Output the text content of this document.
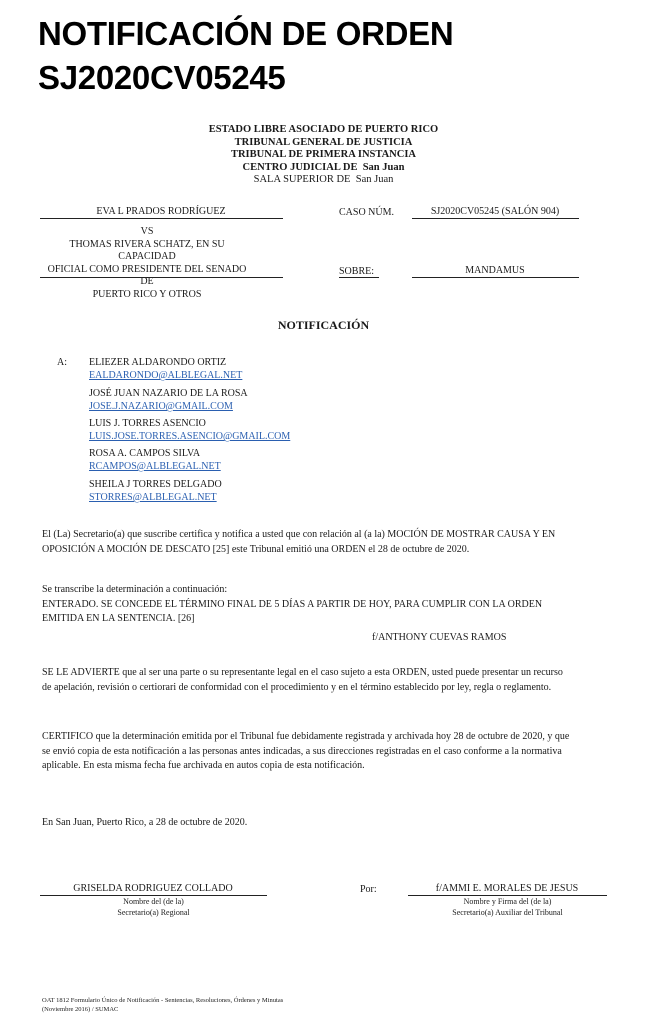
NOTIFICACIÓN DE ORDEN
SJ2020CV05245
ESTADO LIBRE ASOCIADO DE PUERTO RICO
TRIBUNAL GENERAL DE JUSTICIA
TRIBUNAL DE PRIMERA INSTANCIA
CENTRO JUDICIAL DE San Juan
SALA SUPERIOR DE San Juan
EVA L PRADOS RODRÍGUEZ	CASO NÚM.	SJ2020CV05245 (SALÓN 904)
VS
THOMAS RIVERA SCHATZ, EN SU CAPACIDAD
OFICIAL COMO PRESIDENTE DEL SENADO DE
PUERTO RICO Y OTROS
SOBRE:	MANDAMUS
NOTIFICACIÓN
A: ELIEZER ALDARONDO ORTIZ
EALDARONDO@ALBLEGAL.NET
JOSÉ JUAN NAZARIO DE LA ROSA
JOSE.J.NAZARIO@GMAIL.COM
LUIS J. TORRES ASENCIO
LUIS.JOSE.TORRES.ASENCIO@GMAIL.COM
ROSA A. CAMPOS SILVA
RCAMPOS@ALBLEGAL.NET
SHEILA J TORRES DELGADO
STORRES@ALBLEGAL.NET
El (La) Secretario(a) que suscribe certifica y notifica a usted que con relación al (a la) MOCIÓN DE MOSTRAR CAUSA Y EN
OPOSICIÓN A MOCIÓN DE DESCATO [25] este Tribunal emitió una ORDEN el 28 de octubre de 2020.
Se transcribe la determinación a continuación:
ENTERADO. SE CONCEDE EL TÉRMINO FINAL DE 5 DÍAS A PARTIR DE HOY, PARA CUMPLIR CON LA ORDEN
EMITIDA EN LA SENTENCIA. [26]
f/ANTHONY CUEVAS RAMOS
SE LE ADVIERTE que al ser una parte o su representante legal en el caso sujeto a esta ORDEN, usted puede presentar un recurso
de apelación, revisión o certiorari de conformidad con el procedimiento y en el término establecido por ley, regla o reglamento.
CERTIFICO que la determinación emitida por el Tribunal fue debidamente registrada y archivada hoy 28 de octubre de 2020, y que
se envió copia de esta notificación a las personas antes indicadas, a sus direcciones registradas en el caso conforme a la normativa
aplicable. En esta misma fecha fue archivada en autos copia de esta notificación.
En San Juan, Puerto Rico, a 28 de octubre de 2020.
GRISELDA RODRIGUEZ COLLADO
Nombre del (de la)
Secretario(a) Regional
Por:	f/AMMI E. MORALES DE JESUS
Nombre y Firma del (de la)
Secretario(a) Auxiliar del Tribunal
OAT 1812 Formulario Único de Notificación - Sentencias, Resoluciones, Órdenes y Minutas
(Noviembre 2016) / SUMAC
